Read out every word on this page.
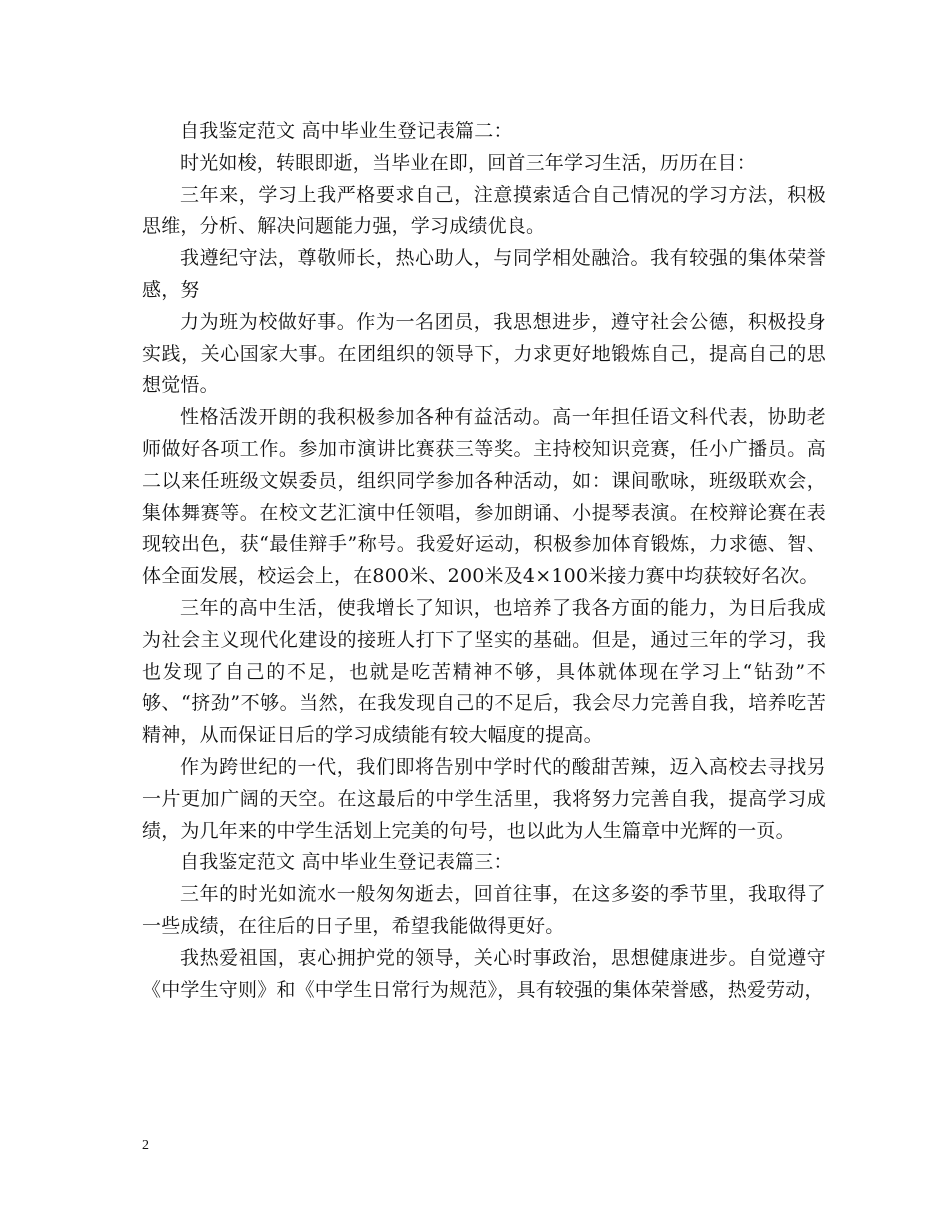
自我鉴定范文 高中毕业生登记表篇二：

时光如梭，转眼即逝，当毕业在即，回首三年学习生活，历历在目：

三年来，学习上我严格要求自己，注意摸索适合自己情况的学习方法，积极思维，分析、解决问题能力强，学习成绩优良。

我遵纪守法，尊敬师长，热心助人，与同学相处融洽。我有较强的集体荣誉感，努

力为班为校做好事。作为一名团员，我思想进步，遵守社会公德，积极投身实践，关心国家大事。在团组织的领导下，力求更好地锻炼自己，提高自己的思想觉悟。

性格活泼开朗的我积极参加各种有益活动。高一年担任语文科代表，协助老师做好各项工作。参加市演讲比赛获三等奖。主持校知识竞赛，任小广播员。高二以来任班级文娱委员，组织同学参加各种活动，如：课间歌咏，班级联欢会，集体舞赛等。在校文艺汇演中任领唱，参加朗诵、小提琴表演。在校辩论赛在表现较出色，获“最佳辩手”称号。我爱好运动，积极参加体育锻炼，力求德、智、体全面发展，校运会上，在800米、200米及4×100米接力赛中均获较好名次。

三年的高中生活，使我增长了知识，也培养了我各方面的能力，为日后我成为社会主义现代化建设的接班人打下了坚实的基础。但是，通过三年的学习，我也发现了自己的不足，也就是吃苦精神不够，具体就体现在学习上“钻劲”不够、“挤劲”不够。当然，在我发现自己的不足后，我会尽力完善自我，培养吃苦精神，从而保证日后的学习成绩能有较大幅度的提高。

作为跨世纪的一代，我们即将告别中学时代的酸甜苦辣，迈入高校去寻找另一片更加广阔的天空。在这最后的中学生活里，我将努力完善自我，提高学习成绩，为几年来的中学生活划上完美的句号，也以此为人生篇章中光辉的一页。

自我鉴定范文 高中毕业生登记表篇三：

三年的时光如流水一般匆匆逝去，回首往事，在这多姿的季节里，我取得了一些成绩，在往后的日子里，希望我能做得更好。

我热爱祖国，衷心拥护党的领导，关心时事政治，思想健康进步。自觉遵守《中学生守则》和《中学生日常行为规范》，具有较强的集体荣誉感，热爱劳动，

2
